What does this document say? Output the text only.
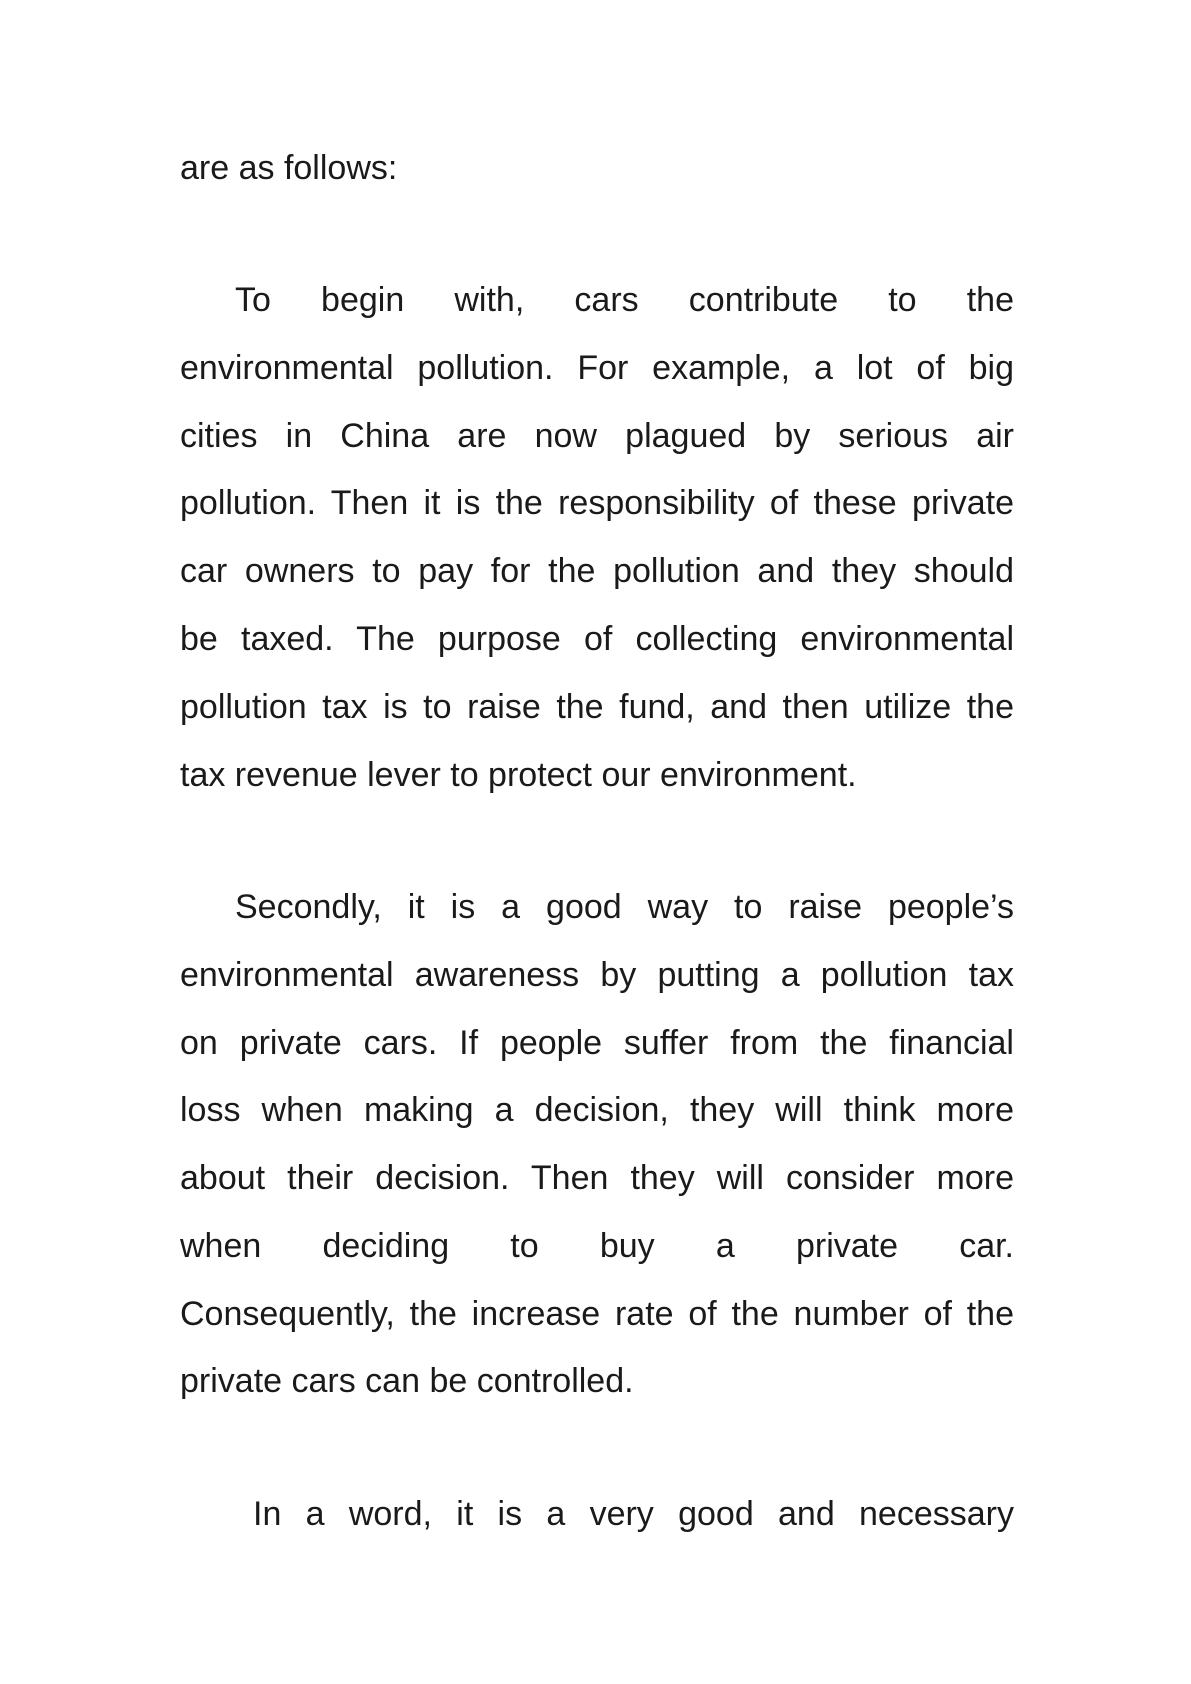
are as follows:
To begin with, cars contribute to the
environmental pollution. For example, a lot of big
cities in China are now plagued by serious air
pollution. Then it is the responsibility of these private
car owners to pay for the pollution and they should
be taxed. The purpose of collecting environmental
pollution tax is to raise the fund, and then utilize the
tax revenue lever to protect our environment.
Secondly, it is a good way to raise people’s
environmental awareness by putting a pollution tax
on private cars. If people suffer from the financial
loss when making a decision, they will think more
about their decision. Then they will consider more
when deciding to buy a private car.
Consequently, the increase rate of the number of the
private cars can be controlled.
In a word, it is a very good and necessary
